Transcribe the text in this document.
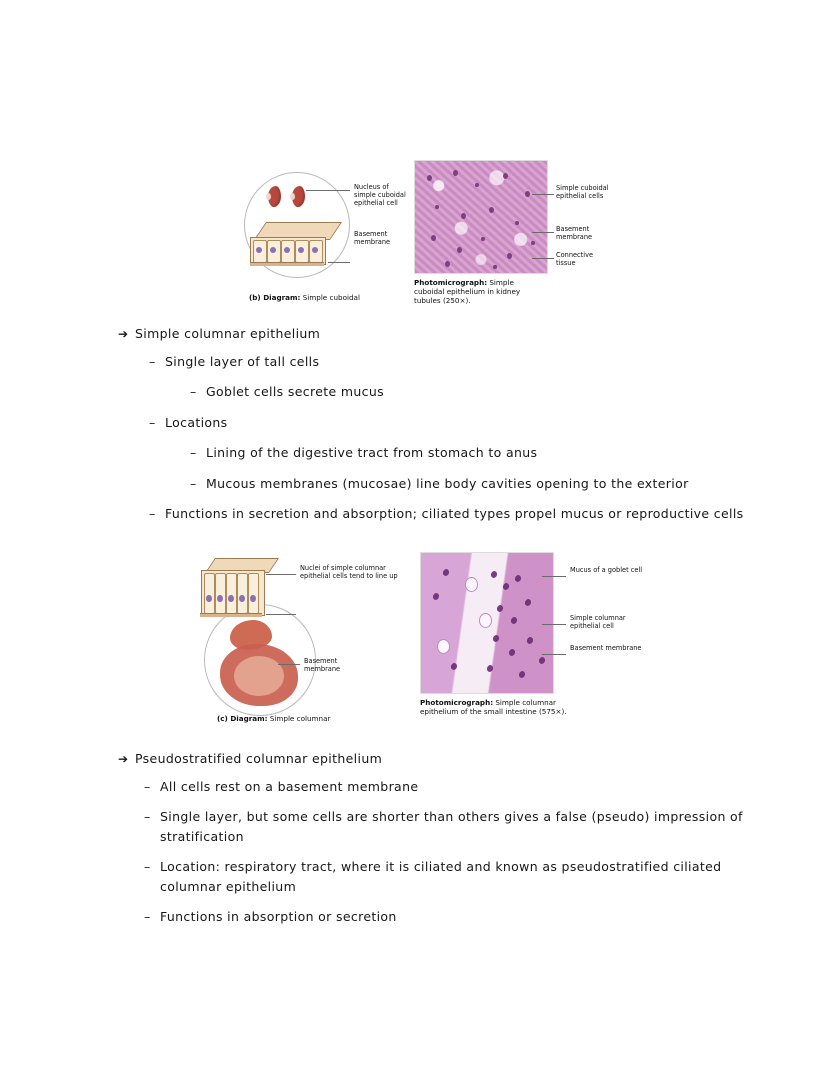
(b) Diagram: Simple cuboidal
Nucleus of simple cuboidal epithelial cell
Basement membrane
Simple cuboidal epithelial cells
Basement membrane
Connective tissue
Photomicrograph: Simple cuboidal epithelium in kidney tubules (250×).
➔ Simple columnar epithelium
– Single layer of tall cells
– Goblet cells secrete mucus
– Locations
– Lining of the digestive tract from stomach to anus
– Mucous membranes (mucosae) line body cavities opening to the exterior
– Functions in secretion and absorption; ciliated types propel mucus or reproductive cells
(c) Diagram: Simple columnar
Nuclei of simple columnar epithelial cells tend to line up
Basement membrane
Mucus of a goblet cell
Simple columnar epithelial cell
Basement membrane
Photomicrograph: Simple columnar epithelium of the small intestine (575×).
➔ Pseudostratified columnar epithelium
– All cells rest on a basement membrane
– Single layer, but some cells are shorter than others gives a false (pseudo) impression of stratification
– Location: respiratory tract, where it is ciliated and known as pseudostratified ciliated columnar epithelium
– Functions in absorption or secretion
